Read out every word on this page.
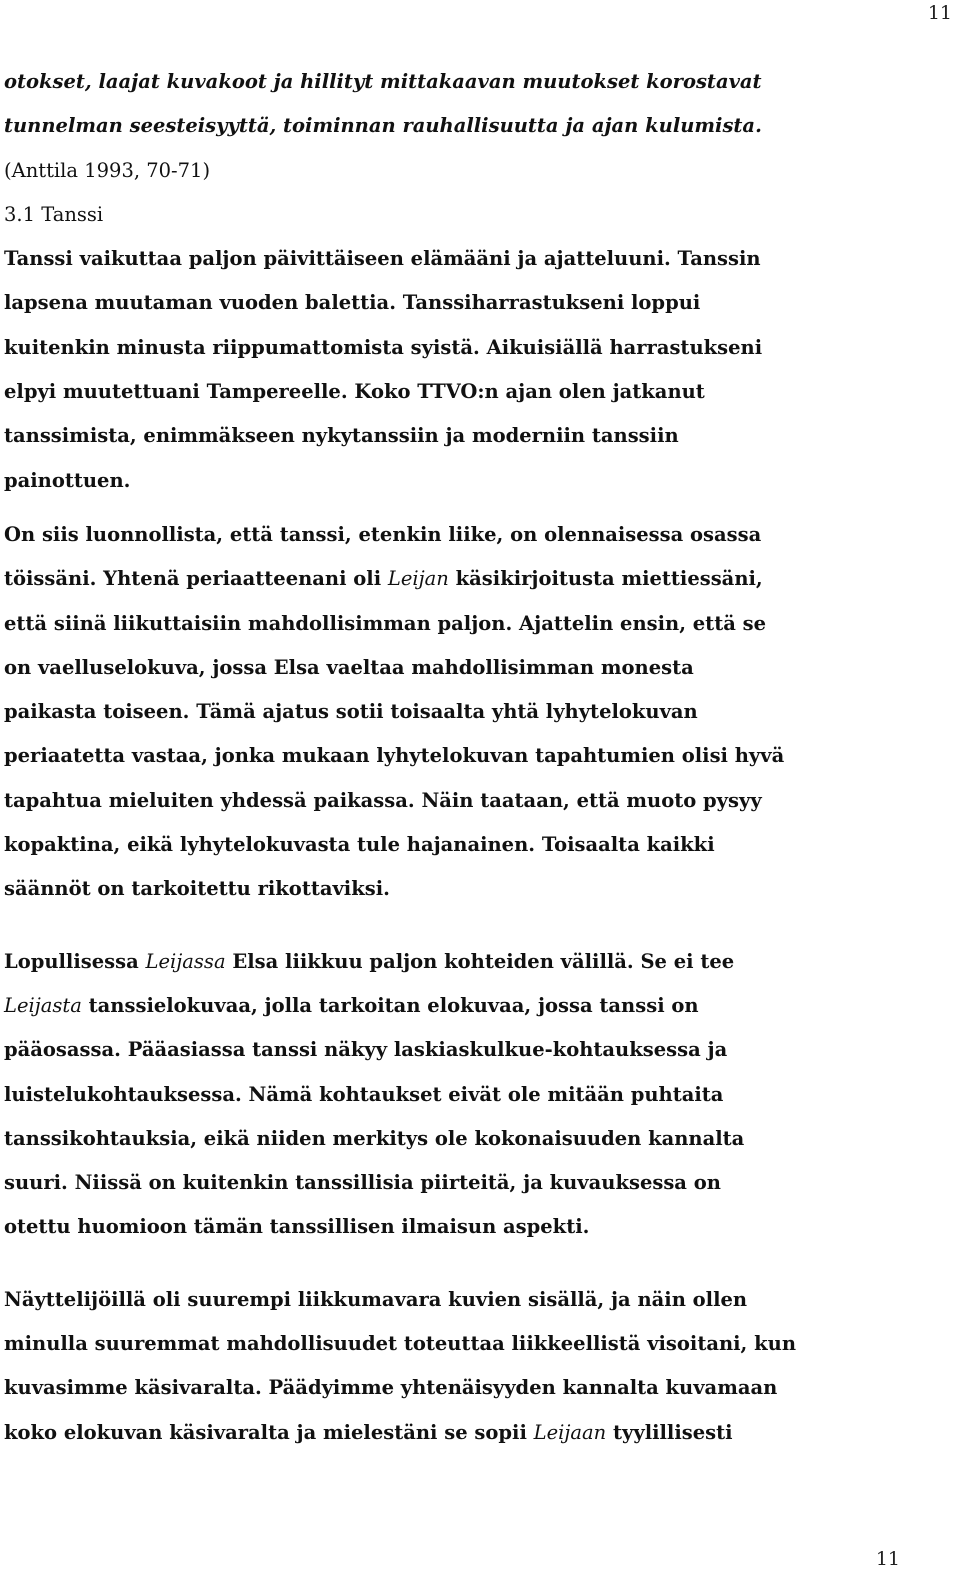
11
otokset, laajat kuvakoot ja hillityt mittakaavan muutokset korostavat
tunnelman seesteisyyttä, toiminnan rauhallisuutta ja ajan kulumista.
(Anttila 1993, 70-71)
3.1 Tanssi
Tanssi vaikuttaa paljon päivittäiseen elämääni ja ajatteluuni. Tanssin
lapsena muutaman vuoden balettia. Tanssiharrastukseni loppui
kuitenkin minusta riippumattomista syistä. Aikuisiällä harrastukseni
elpyi muutettuani Tampereelle. Koko TTVO:n ajan olen jatkanut
tanssimista, enimmäkseen nykytanssiin ja moderniin tanssiin
painottuen.
On siis luonnollista, että tanssi, etenkin liike, on olennaisessa osassa
töissäni. Yhtenä periaatteenani oli Leijan käsikirjoitusta miettiessäni,
että siinä liikuttaisiin mahdollisimman paljon. Ajattelin ensin, että se
on vaelluselokuva, jossa Elsa vaeltaa mahdollisimman monesta
paikasta toiseen. Tämä ajatus sotii toisaalta yhtä lyhytelokuvan
periaatetta vastaa, jonka mukaan lyhytelokuvan tapahtumien olisi hyvä
tapahtua mieluiten yhdessä paikassa. Näin taataan, että muoto pysyy
kopaktina, eikä lyhytelokuvasta tule hajanainen. Toisaalta kaikki
säännöt on tarkoitettu rikottaviksi.
Lopullisessa Leijassa Elsa liikkuu paljon kohteiden välillä. Se ei tee
Leijasta tanssielokuvaa, jolla tarkoitan elokuvaa, jossa tanssi on
pääosassa. Pääasiassa tanssi näkyy laskiaskulkue-kohtauksessa ja
luistelukohtauksessa. Nämä kohtaukset eivät ole mitään puhtaita
tanssikohtauksia, eikä niiden merkitys ole kokonaisuuden kannalta
suuri. Niissä on kuitenkin tanssillisia piirteitä, ja kuvauksessa on
otettu huomioon tämän tanssillisen ilmaisun aspekti.
Näyttelijöillä oli suurempi liikkumavara kuvien sisällä, ja näin ollen
minulla suuremmat mahdollisuudet toteuttaa liikkeellistä visoitani, kun
kuvasimme käsivaralta. Päädyimme yhtenäisyyden kannalta kuvamaan
koko elokuvan käsivaralta ja mielestäni se sopii Leijaan tyylillisesti
11
